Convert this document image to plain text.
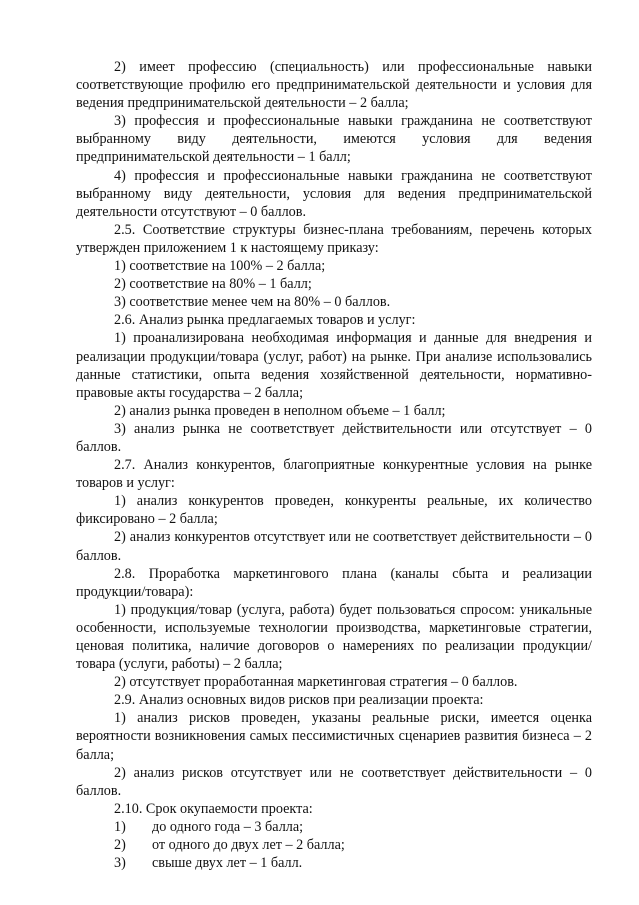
2) имеет профессию (специальность) или профессиональные навыки соответствующие профилю его предпринимательской деятельности и условия для ведения предпринимательской деятельности – 2 балла;

3) профессия и профессиональные навыки гражданина не соответствуют выбранному виду деятельности, имеются условия для ведения предпринимательской деятельности – 1 балл;

4) профессия и профессиональные навыки гражданина не соответствуют выбранному виду деятельности, условия для ведения предпринимательской деятельности отсутствуют – 0 баллов.

2.5. Соответствие структуры бизнес-плана требованиям, перечень которых утвержден приложением 1 к настоящему приказу:

1) соответствие на 100% – 2 балла;

2) соответствие на 80% – 1 балл;

3) соответствие менее чем на 80% – 0 баллов.

2.6. Анализ рынка предлагаемых товаров и услуг:

1) проанализирована необходимая информация и данные для внедрения и реализации продукции/товара (услуг, работ) на рынке. При анализе использовались данные статистики, опыта ведения хозяйственной деятельности, нормативно-правовые акты государства – 2 балла;

2) анализ рынка проведен в неполном объеме – 1 балл;

3) анализ рынка не соответствует действительности или отсутствует – 0 баллов.

2.7. Анализ конкурентов, благоприятные конкурентные условия на рынке товаров и услуг:

1) анализ конкурентов проведен, конкуренты реальные, их количество фиксировано – 2 балла;

2) анализ конкурентов отсутствует или не соответствует действительности – 0 баллов.

2.8. Проработка маркетингового плана (каналы сбыта и реализации продукции/товара):

1) продукция/товар (услуга, работа) будет пользоваться спросом: уникальные особенности, используемые технологии производства, маркетинговые стратегии, ценовая политика, наличие договоров о намерениях по реализации продукции/товара (услуги, работы) – 2 балла;

2) отсутствует проработанная маркетинговая стратегия – 0 баллов.

2.9. Анализ основных видов рисков при реализации проекта:

1) анализ рисков проведен, указаны реальные риски, имеется оценка вероятности возникновения самых пессимистичных сценариев развития бизнеса – 2 балла;

2) анализ рисков отсутствует или не соответствует действительности – 0 баллов.

2.10. Срок окупаемости проекта:

1)	до одного года – 3 балла;
2)	от одного до двух лет – 2 балла;
3)	свыше двух лет – 1 балл.
